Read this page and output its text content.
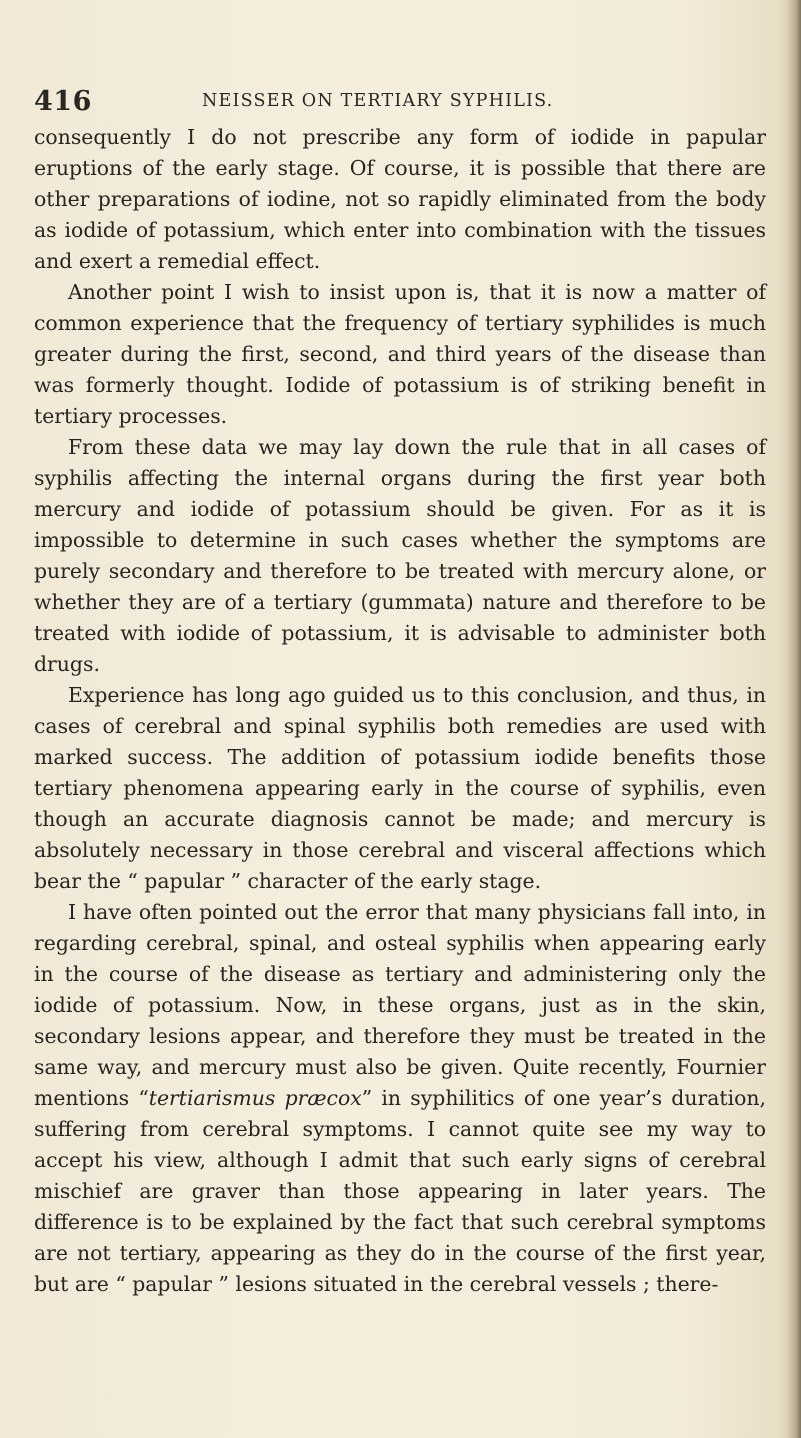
416	NEISSER ON TERTIARY SYPHILIS.

consequently I do not prescribe any form of iodide in papular eruptions of the early stage. Of course, it is possible that there are other preparations of iodine, not so rapidly eliminated from the body as iodide of potassium, which enter into combination with the tissues and exert a remedial effect.

Another point I wish to insist upon is, that it is now a matter of common experience that the frequency of tertiary syphilides is much greater during the first, second, and third years of the disease than was formerly thought. Iodide of potassium is of striking benefit in tertiary processes.

From these data we may lay down the rule that in all cases of syphilis affecting the internal organs during the first year both mercury and iodide of potassium should be given. For as it is impossible to determine in such cases whether the symptoms are purely secondary and therefore to be treated with mercury alone, or whether they are of a tertiary (gummata) nature and therefore to be treated with iodide of potassium, it is advisable to administer both drugs.

Experience has long ago guided us to this conclusion, and thus, in cases of cerebral and spinal syphilis both remedies are used with marked success. The addition of potassium iodide benefits those tertiary phenomena appearing early in the course of syphilis, even though an accurate diagnosis cannot be made; and mercury is absolutely necessary in those cerebral and visceral affections which bear the “ papular ” character of the early stage.

I have often pointed out the error that many physicians fall into, in regarding cerebral, spinal, and osteal syphilis when appearing early in the course of the disease as tertiary and administering only the iodide of potassium. Now, in these organs, just as in the skin, secondary lesions appear, and therefore they must be treated in the same way, and mercury must also be given. Quite recently, Fournier mentions “tertiarismus præcox” in syphilitics of one year’s duration, suffering from cerebral symptoms. I cannot quite see my way to accept his view, although I admit that such early signs of cerebral mischief are graver than those appearing in later years. The difference is to be explained by the fact that such cerebral symptoms are not tertiary, appearing as they do in the course of the first year, but are “ papular ” lesions situated in the cerebral vessels ; there-
